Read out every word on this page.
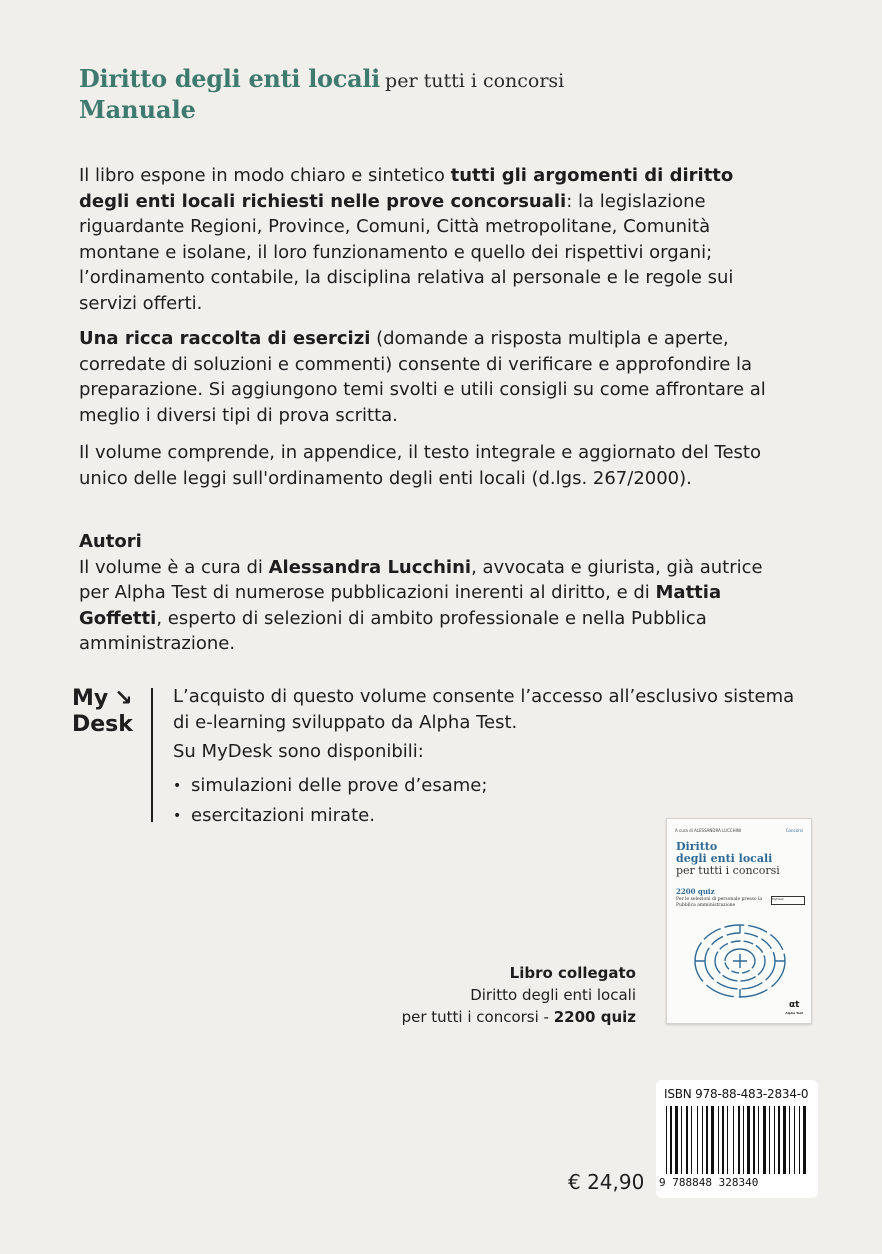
Diritto degli enti locali per tutti i concorsi
Manuale

Il libro espone in modo chiaro e sintetico tutti gli argomenti di diritto degli enti locali richiesti nelle prove concorsuali: la legislazione riguardante Regioni, Province, Comuni, Città metropolitane, Comunità montane e isolane, il loro funzionamento e quello dei rispettivi organi; l’ordinamento contabile, la disciplina relativa al personale e le regole sui servizi offerti.

Una ricca raccolta di esercizi (domande a risposta multipla e aperte, corredate di soluzioni e commenti) consente di verificare e approfondire la preparazione. Si aggiungono temi svolti e utili consigli su come affrontare al meglio i diversi tipi di prova scritta.

Il volume comprende, in appendice, il testo integrale e aggiornato del Testo unico delle leggi sull'ordinamento degli enti locali (d.lgs. 267/2000).

Autori

Il volume è a cura di Alessandra Lucchini, avvocata e giurista, già autrice per Alpha Test di numerose pubblicazioni inerenti al diritto, e di Mattia Goffetti, esperto di selezioni di ambito professionale e nella Pubblica amministrazione.

My ↘
Desk

L’acquisto di questo volume consente l’accesso all’esclusivo sistema di e-learning sviluppato da Alpha Test.

Su MyDesk sono disponibili:

• simulazioni delle prove d’esame;
• esercitazioni mirate.
A cura di ALESSANDRA LUCCHINI	Concorsi
Diritto
degli enti locali
per tutti i concorsi
2200 quiz
Per le selezioni di personale presso la Pubblica amministrazione
MyDesk
αt
Alpha Test
Libro collegato
Diritto degli enti locali
per tutti i concorsi - 2200 quiz
ISBN 978-88-483-2834-0
9 788848 328340
€ 24,90
